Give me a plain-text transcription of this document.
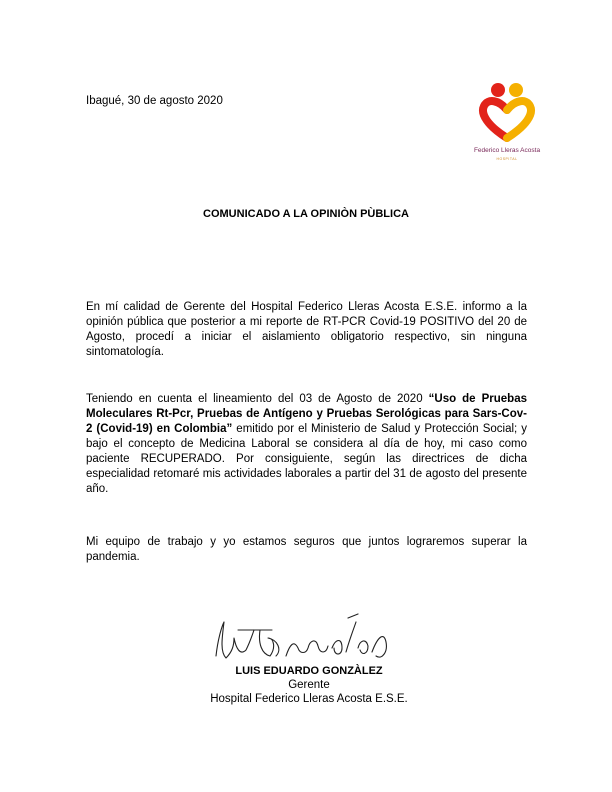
Ibagué, 30 de agosto 2020
Federico Lleras Acosta
HOSPITAL
COMUNICADO A LA OPINIÒN PÙBLICA

En mí calidad de Gerente del Hospital Federico Lleras Acosta E.S.E. informo a la opinión pública que posterior a mi reporte de RT-PCR Covid-19 POSITIVO del 20 de Agosto, procedí a iniciar el aislamiento obligatorio respectivo, sin ninguna sintomatología.

Teniendo en cuenta el lineamiento del 03 de Agosto de 2020 “Uso de Pruebas Moleculares Rt-Pcr, Pruebas de Antígeno y Pruebas Serológicas para Sars-Cov-2 (Covid-19) en Colombia” emitido por el Ministerio de Salud y Protección Social; y bajo el concepto de Medicina Laboral se considera al día de hoy, mi caso como paciente RECUPERADO. Por consiguiente, según las directrices de dicha especialidad retomaré mis actividades laborales a partir del 31 de agosto del presente año.

Mi equipo de trabajo y yo estamos seguros que juntos lograremos superar la pandemia.

LUIS EDUARDO GONZÀLEZ
Gerente
Hospital Federico Lleras Acosta E.S.E.
